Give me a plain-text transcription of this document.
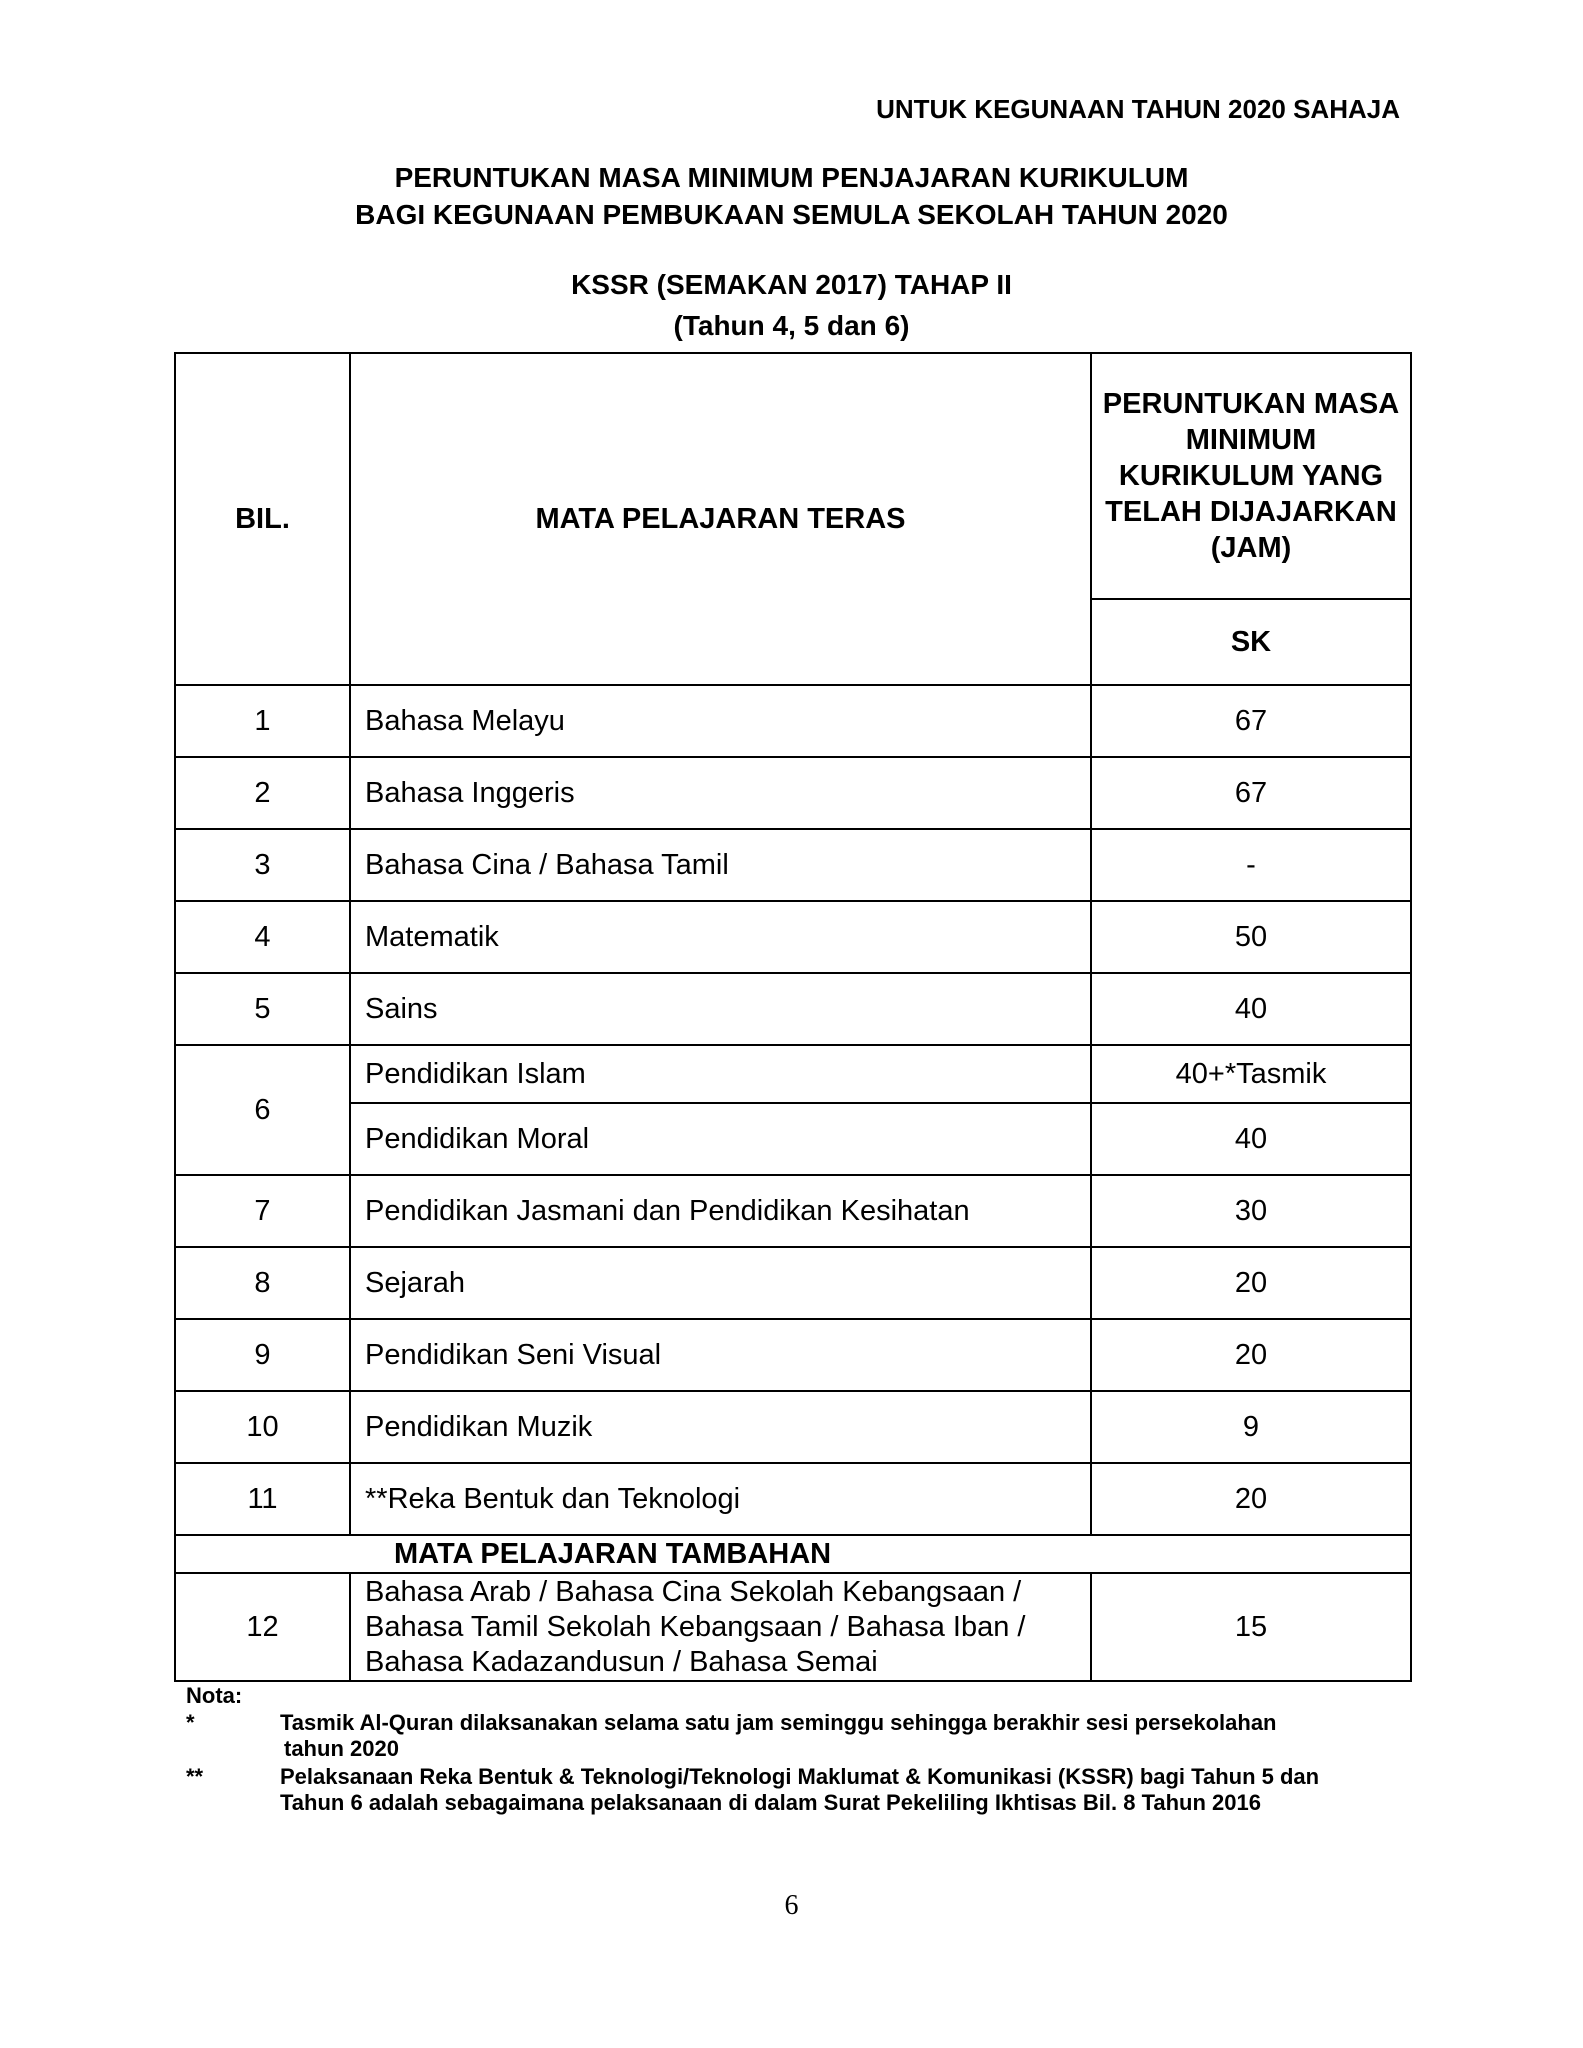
UNTUK KEGUNAAN TAHUN 2020 SAHAJA
PERUNTUKAN MASA MINIMUM PENJAJARAN KURIKULUM
BAGI KEGUNAAN PEMBUKAAN SEMULA SEKOLAH TAHUN 2020
KSSR (SEMAKAN 2017) TAHAP II
(Tahun 4, 5 dan 6)
BIL.	MATA PELAJARAN TERAS	PERUNTUKAN MASA MINIMUM KURIKULUM YANG TELAH DIJAJARKAN (JAM)
		SK
1	Bahasa Melayu	67
2	Bahasa Inggeris	67
3	Bahasa Cina / Bahasa Tamil	-
4	Matematik	50
5	Sains	40
6	Pendidikan Islam	40+*Tasmik
	Pendidikan Moral	40
7	Pendidikan Jasmani dan Pendidikan Kesihatan	30
8	Sejarah	20
9	Pendidikan Seni Visual	20
10	Pendidikan Muzik	9
11	**Reka Bentuk dan Teknologi	20
MATA PELAJARAN TAMBAHAN		
12	Bahasa Arab / Bahasa Cina Sekolah Kebangsaan /
Bahasa Tamil Sekolah Kebangsaan / Bahasa Iban /
Bahasa Kadazandusun / Bahasa Semai	15
Nota:
*	Tasmik Al-Quran dilaksanakan selama satu jam seminggu sehingga berakhir sesi persekolahan
tahun 2020
**	Pelaksanaan Reka Bentuk & Teknologi/Teknologi Maklumat & Komunikasi (KSSR) bagi Tahun 5 dan
Tahun 6 adalah sebagaimana pelaksanaan di dalam Surat Pekeliling Ikhtisas Bil. 8 Tahun 2016
6
